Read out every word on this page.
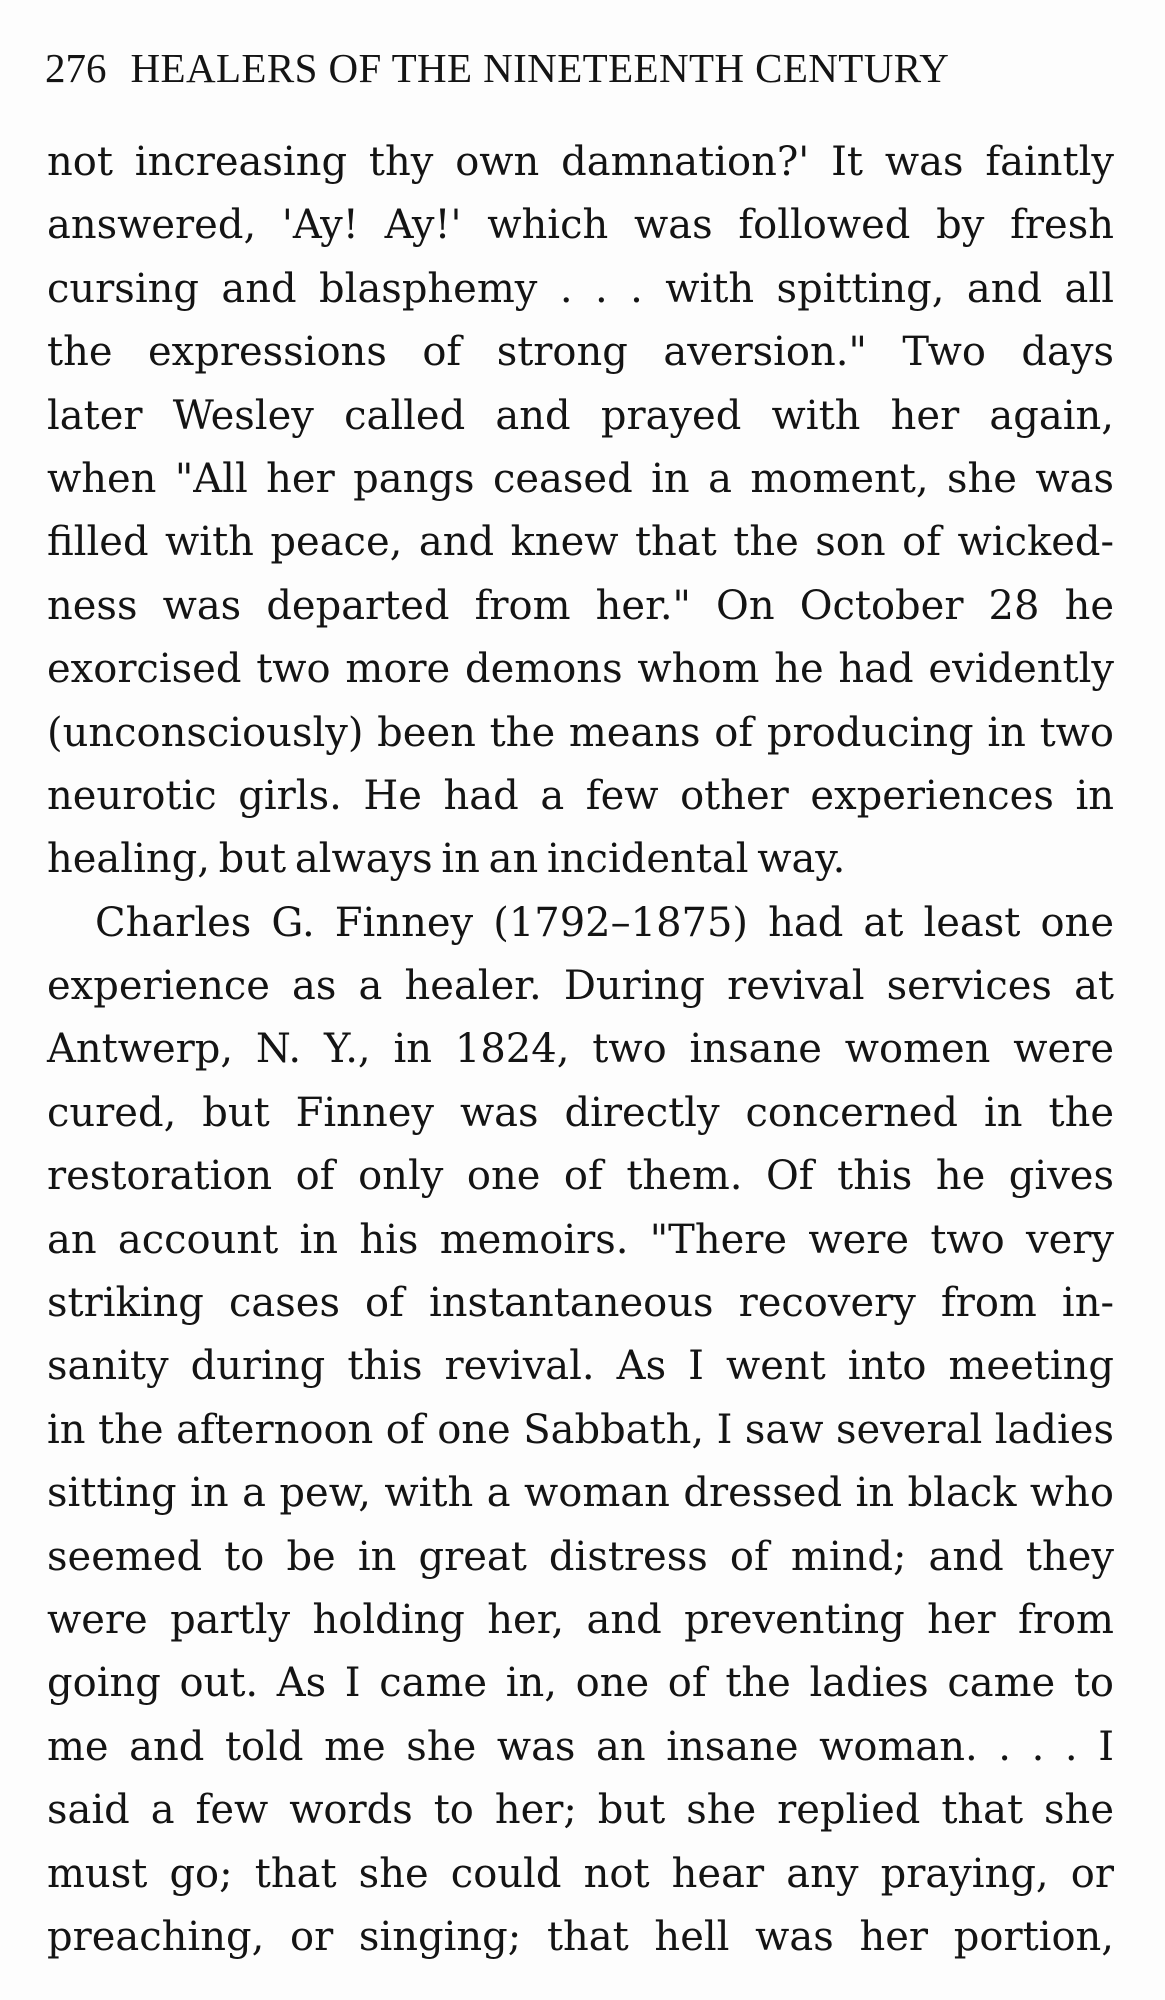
276 HEALERS OF THE NINETEENTH CENTURY
not increasing thy own damnation?' It was faintly
answered, 'Ay! Ay!' which was followed by fresh
cursing and blasphemy . . . with spitting, and all
the expressions of strong aversion." Two days
later Wesley called and prayed with her again,
when "All her pangs ceased in a moment, she was
filled with peace, and knew that the son of wicked-
ness was departed from her." On October 28 he
exorcised two more demons whom he had evidently
(unconsciously) been the means of producing in two
neurotic girls. He had a few other experiences in
healing, but always in an incidental way.
Charles G. Finney (1792–1875) had at least one
experience as a healer. During revival services at
Antwerp, N. Y., in 1824, two insane women were
cured, but Finney was directly concerned in the
restoration of only one of them. Of this he gives
an account in his memoirs. "There were two very
striking cases of instantaneous recovery from in-
sanity during this revival. As I went into meeting
in the afternoon of one Sabbath, I saw several ladies
sitting in a pew, with a woman dressed in black who
seemed to be in great distress of mind; and they
were partly holding her, and preventing her from
going out. As I came in, one of the ladies came to
me and told me she was an insane woman. . . . I
said a few words to her; but she replied that she
must go; that she could not hear any praying, or
preaching, or singing; that hell was her portion,
